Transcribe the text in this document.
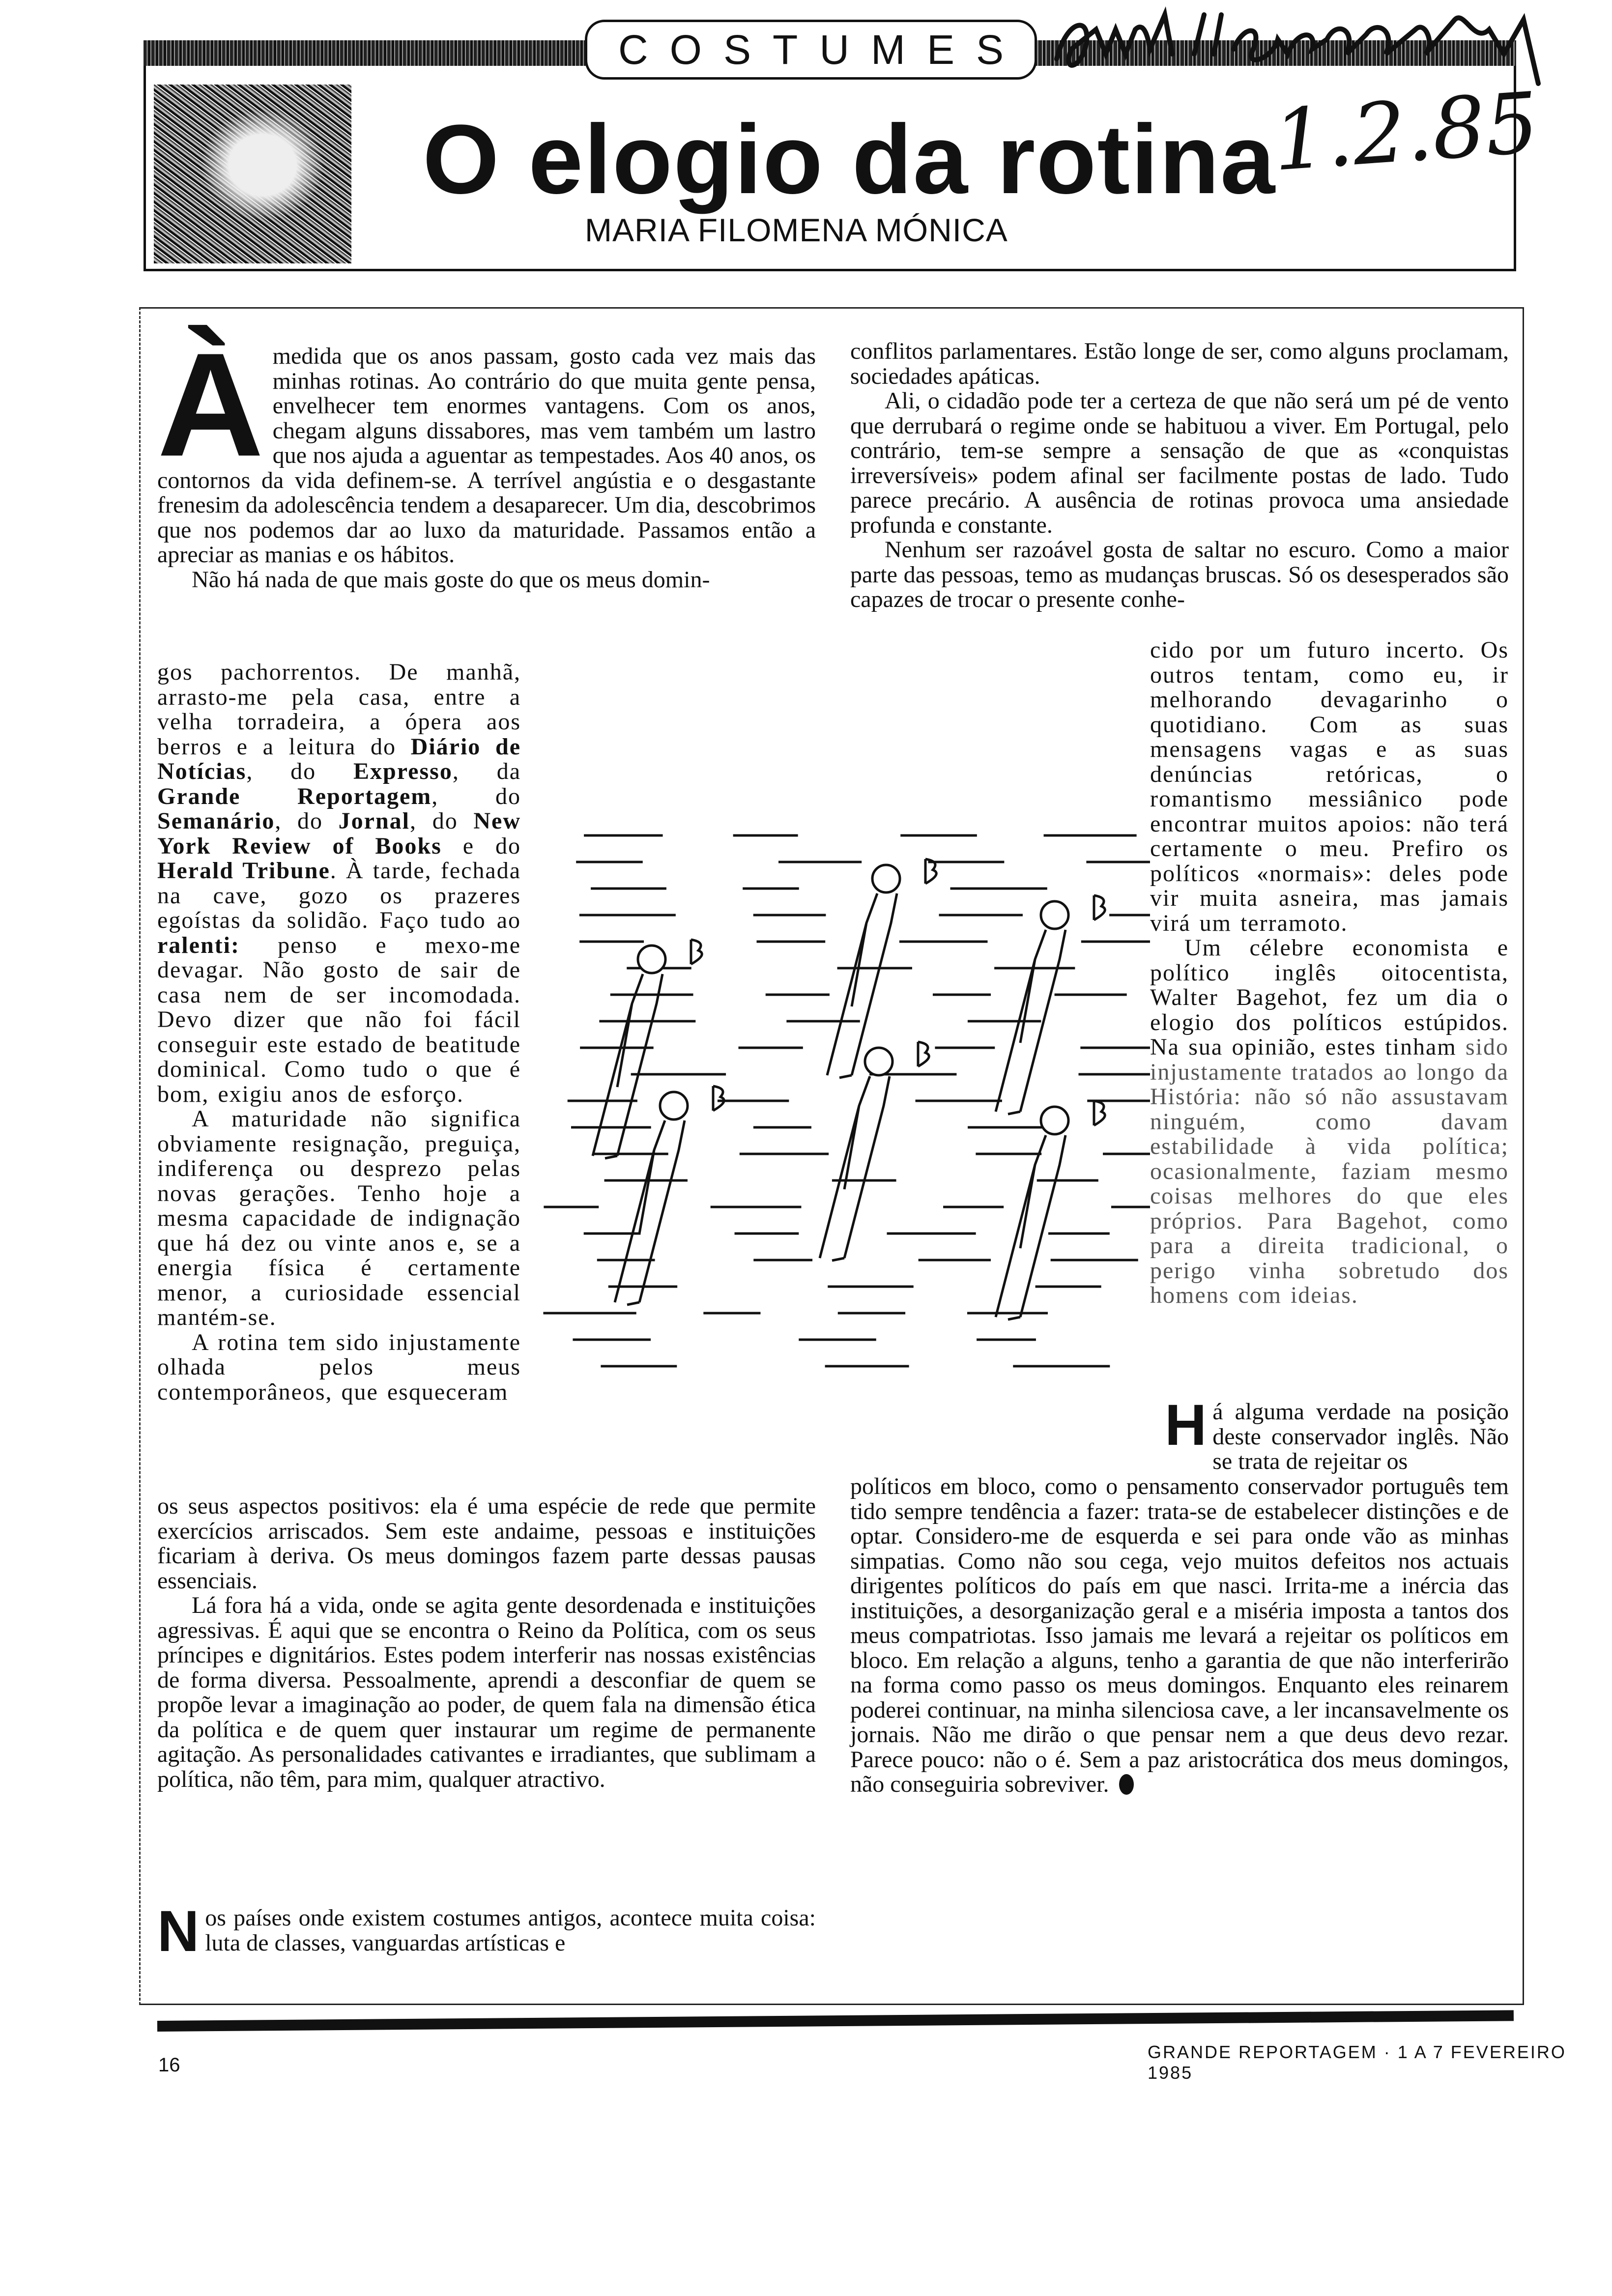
COSTUMES
O elogio da rotina
MARIA FILOMENA MÓNICA
1.2.85
À medida que os anos passam, gosto cada vez mais das minhas rotinas. Ao contrário do que muita gente pensa, envelhecer tem enormes vantagens. Com os anos, chegam alguns dissabores, mas vem também um lastro que nos ajuda a aguentar as tempestades. Aos 40 anos, os contornos da vida definem-se. A terrível angústia e o desgastante frenesim da adolescência tendem a desaparecer. Um dia, descobrimos que nos podemos dar ao luxo da maturidade. Passamos então a apreciar as manias e os hábitos.

Não há nada de que mais goste do que os meus domin-

gos pachorrentos. De manhã, arrasto-me pela casa, entre a velha torradeira, a ópera aos berros e a leitura do Diário de Notícias, do Expresso, da Grande Reportagem, do Semanário, do Jornal, do New York Review of Books e do Herald Tribune. À tarde, fechada na cave, gozo os prazeres egoístas da solidão. Faço tudo ao ralenti: penso e mexo-me devagar. Não gosto de sair de casa nem de ser incomodada. Devo dizer que não foi fácil conseguir este estado de beatitude dominical. Como tudo o que é bom, exigiu anos de esforço.

A maturidade não significa obviamente resignação, preguiça, indiferença ou desprezo pelas novas gerações. Tenho hoje a mesma capacidade de indignação que há dez ou vinte anos e, se a energia física é certamente menor, a curiosidade essencial mantém-se.

A rotina tem sido injustamente olhada pelos meus contemporâneos, que esqueceram

os seus aspectos positivos: ela é uma espécie de rede que permite exercícios arriscados. Sem este andaime, pessoas e instituições ficariam à deriva. Os meus domingos fazem parte dessas pausas essenciais.

Lá fora há a vida, onde se agita gente desordenada e instituições agressivas. É aqui que se encontra o Reino da Política, com os seus príncipes e dignitários. Estes podem interferir nas nossas existências de forma diversa. Pessoalmente, aprendi a desconfiar de quem se propõe levar a imaginação ao poder, de quem fala na dimensão ética da política e de quem quer instaurar um regime de permanente agitação. As personalidades cativantes e irradiantes, que sublimam a política, não têm, para mim, qualquer atractivo.

N os países onde existem costumes antigos, acontece muita coisa: luta de classes, vanguardas artísticas e

conflitos parlamentares. Estão longe de ser, como alguns proclamam, sociedades apáticas.

Ali, o cidadão pode ter a certeza de que não será um pé de vento que derrubará o regime onde se habituou a viver. Em Portugal, pelo contrário, tem-se sempre a sensação de que as «conquistas irreversíveis» podem afinal ser facilmente postas de lado. Tudo parece precário. A ausência de rotinas provoca uma ansiedade profunda e constante.

Nenhum ser razoável gosta de saltar no escuro. Como a maior parte das pessoas, temo as mudanças bruscas. Só os desesperados são capazes de trocar o presente conhe-

cido por um futuro incerto. Os outros tentam, como eu, ir melhorando devagarinho o quotidiano. Com as suas mensagens vagas e as suas denúncias retóricas, o romantismo messiânico pode encontrar muitos apoios: não terá certamente o meu. Prefiro os políticos «normais»: deles pode vir muita asneira, mas jamais virá um terramoto.

Um célebre economista e político inglês oitocentista, Walter Bagehot, fez um dia o elogio dos políticos estúpidos. Na sua opinião, estes tinham sido injustamente tratados ao longo da História: não só não assustavam ninguém, como davam estabilidade à vida política; ocasionalmente, faziam mesmo coisas melhores do que eles próprios. Para Bagehot, como para a direita tradicional, o perigo vinha sobretudo dos homens com ideias.

H á alguma verdade na posição deste conservador inglês. Não se trata de rejeitar os

políticos em bloco, como o pensamento conservador português tem tido sempre tendência a fazer: trata-se de estabelecer distinções e de optar. Considero-me de esquerda e sei para onde vão as minhas simpatias. Como não sou cega, vejo muitos defeitos nos actuais dirigentes políticos do país em que nasci. Irrita-me a inércia das instituições, a desorganização geral e a miséria imposta a tantos dos meus compatriotas. Isso jamais me levará a rejeitar os políticos em bloco. Em relação a alguns, tenho a garantia de que não interferirão na forma como passo os meus domingos. Enquanto eles reinarem poderei continuar, na minha silenciosa cave, a ler incansavelmente os jornais. Não me dirão o que pensar nem a que deus devo rezar. Parece pouco: não o é. Sem a paz aristocrática dos meus domingos, não conseguiria sobreviver.

16
GRANDE REPORTAGEM · 1 A 7 FEVEREIRO 1985
